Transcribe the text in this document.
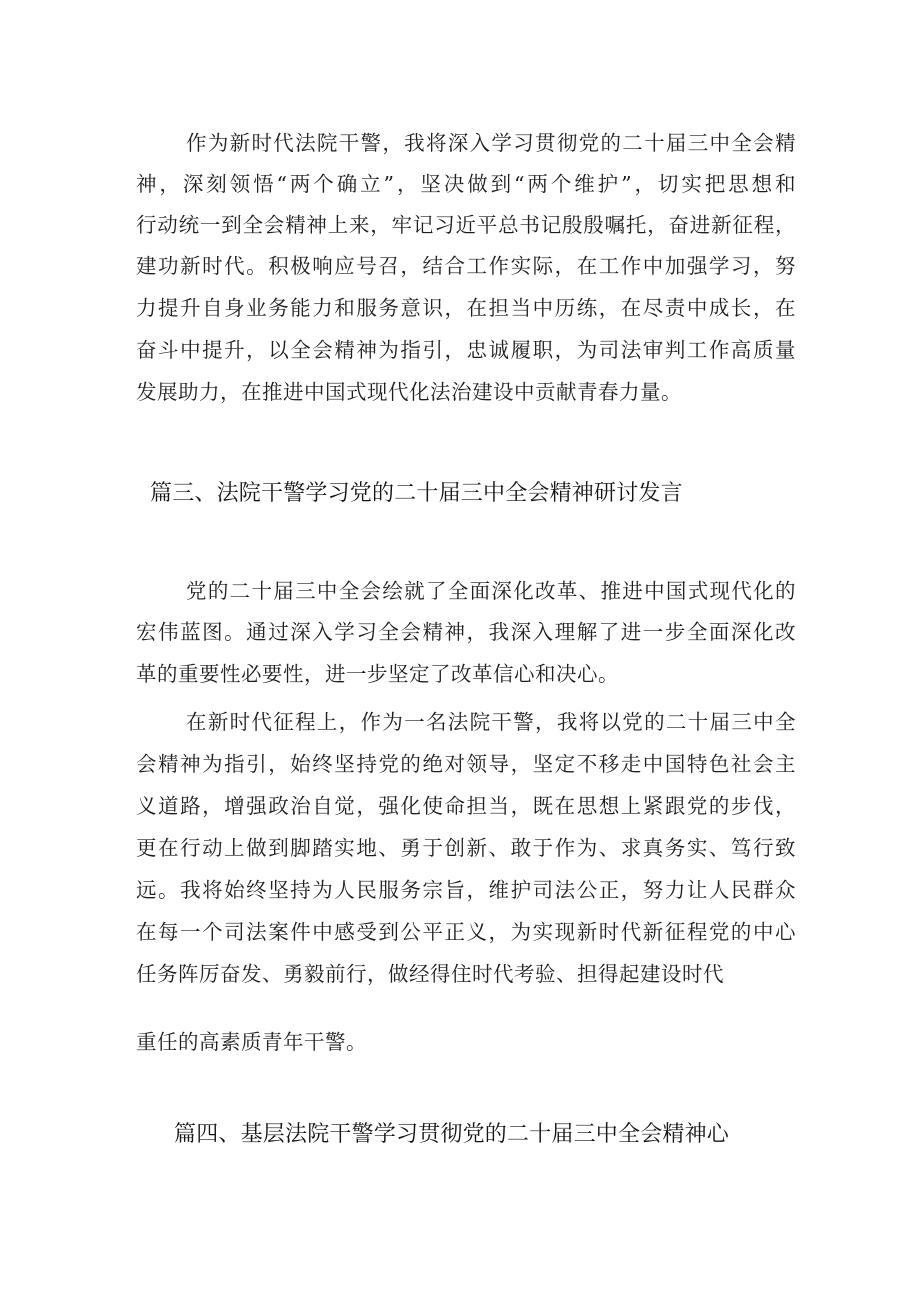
作为新时代法院干警，我将深入学习贯彻党的二十届三中全会精
神，深刻领悟“两个确立”，坚决做到“两个维护”，切实把思想和
行动统一到全会精神上来，牢记习近平总书记殷殷嘱托，奋进新征程，
建功新时代。积极响应号召，结合工作实际，在工作中加强学习，努
力提升自身业务能力和服务意识，在担当中历练，在尽责中成长，在
奋斗中提升，以全会精神为指引，忠诚履职，为司法审判工作高质量
发展助力，在推进中国式现代化法治建设中贡献青春力量。
篇三、法院干警学习党的二十届三中全会精神研讨发言
党的二十届三中全会绘就了全面深化改革、推进中国式现代化的
宏伟蓝图。通过深入学习全会精神，我深入理解了进一步全面深化改
革的重要性必要性，进一步坚定了改革信心和决心。
在新时代征程上，作为一名法院干警，我将以党的二十届三中全
会精神为指引，始终坚持党的绝对领导，坚定不移走中国特色社会主
义道路，增强政治自觉，强化使命担当，既在思想上紧跟党的步伐，
更在行动上做到脚踏实地、勇于创新、敢于作为、求真务实、笃行致
远。我将始终坚持为人民服务宗旨，维护司法公正，努力让人民群众
在每一个司法案件中感受到公平正义，为实现新时代新征程党的中心
任务阵厉奋发、勇毅前行，做经得住时代考验、担得起建设时代
重任的高素质青年干警。
篇四、基层法院干警学习贯彻党的二十届三中全会精神心
